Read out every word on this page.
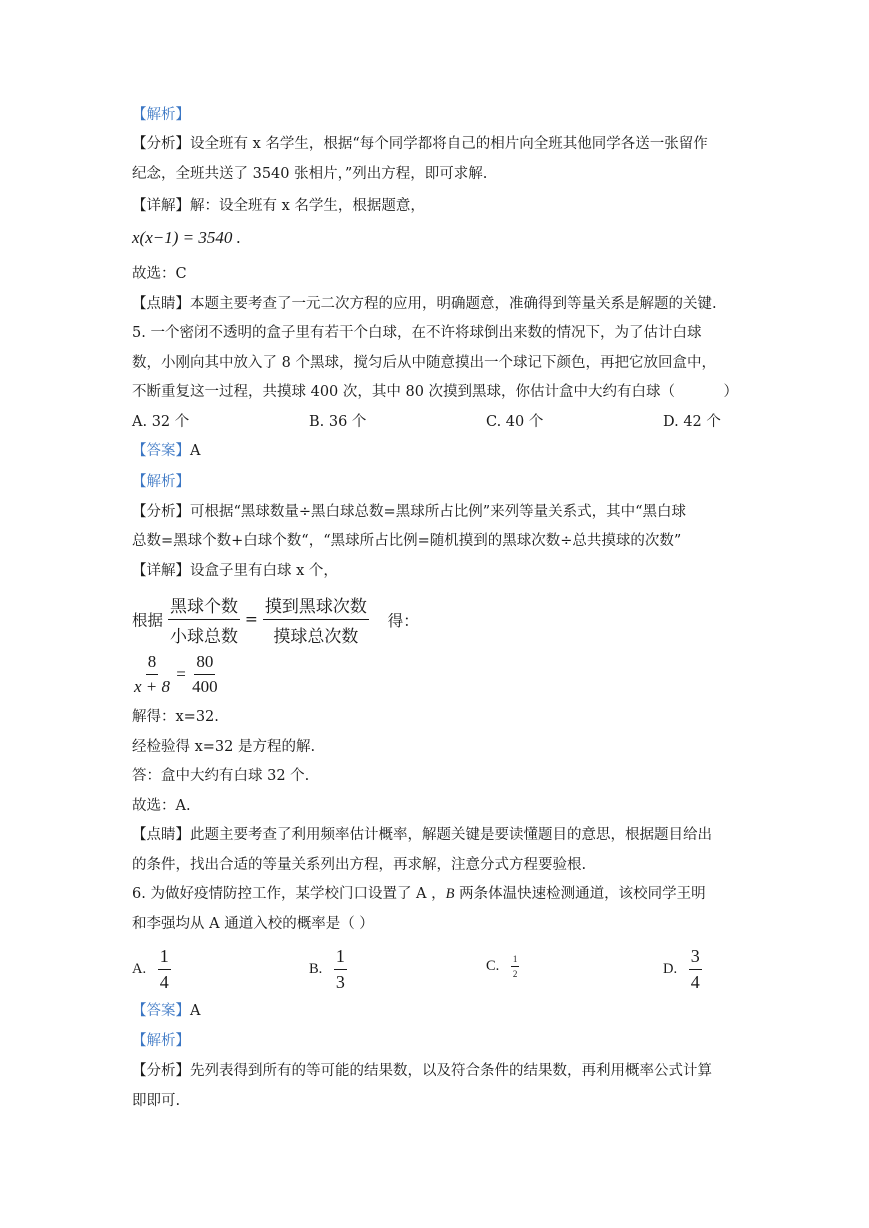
【解析】
【分析】设全班有 x 名学生，根据“每个同学都将自己的相片向全班其他同学各送一张留作
纪念，全班共送了 3540 张相片，”列出方程，即可求解.
【详解】解：设全班有 x 名学生，根据题意，
x(x−1) = 3540 .
故选：C
【点睛】本题主要考查了一元二次方程的应用，明确题意，准确得到等量关系是解题的关键.
5. 一个密闭不透明的盒子里有若干个白球，在不许将球倒出来数的情况下，为了估计白球
数，小刚向其中放入了 8 个黑球，搅匀后从中随意摸出一个球记下颜色，再把它放回盒中，
不断重复这一过程，共摸球 400 次，其中 80 次摸到黑球，你估计盒中大约有白球（	）
A. 32 个	B. 36 个	C. 40 个	D. 42 个
【答案】A
【解析】
【分析】可根据“黑球数量÷黑白球总数=黑球所占比例”来列等量关系式，其中“黑白球
总数=黑球个数+白球个数“，“黑球所占比例=随机摸到的黑球次数÷总共摸球的次数”
【详解】设盒子里有白球 x 个，
根据 $\frac{\text{黑球个数}}{\text{小球总数}} = \frac{\text{摸到黑球次数}}{\text{摸球总次数}}$ 得：
$\frac{8}{x + 8} = \frac{80}{400}$
解得：x=32.
经检验得 x=32 是方程的解.
答：盒中大约有白球 32 个.
故选：A.
【点睛】此题主要考查了利用频率估计概率，解题关键是要读懂题目的意思，根据题目给出
的条件，找出合适的等量关系列出方程，再求解，注意分式方程要验根.
6. 为做好疫情防控工作，某学校门口设置了 A ，B 两条体温快速检测通道，该校同学王明
和李强均从 A 通道入校的概率是（ ）
A. $\frac{1}{4}$	B. $\frac{1}{3}$	C. $\frac{1}{2}$	D. $\frac{3}{4}$
【答案】A
【解析】
【分析】先列表得到所有的等可能的结果数，以及符合条件的结果数，再利用概率公式计算
即即可.
